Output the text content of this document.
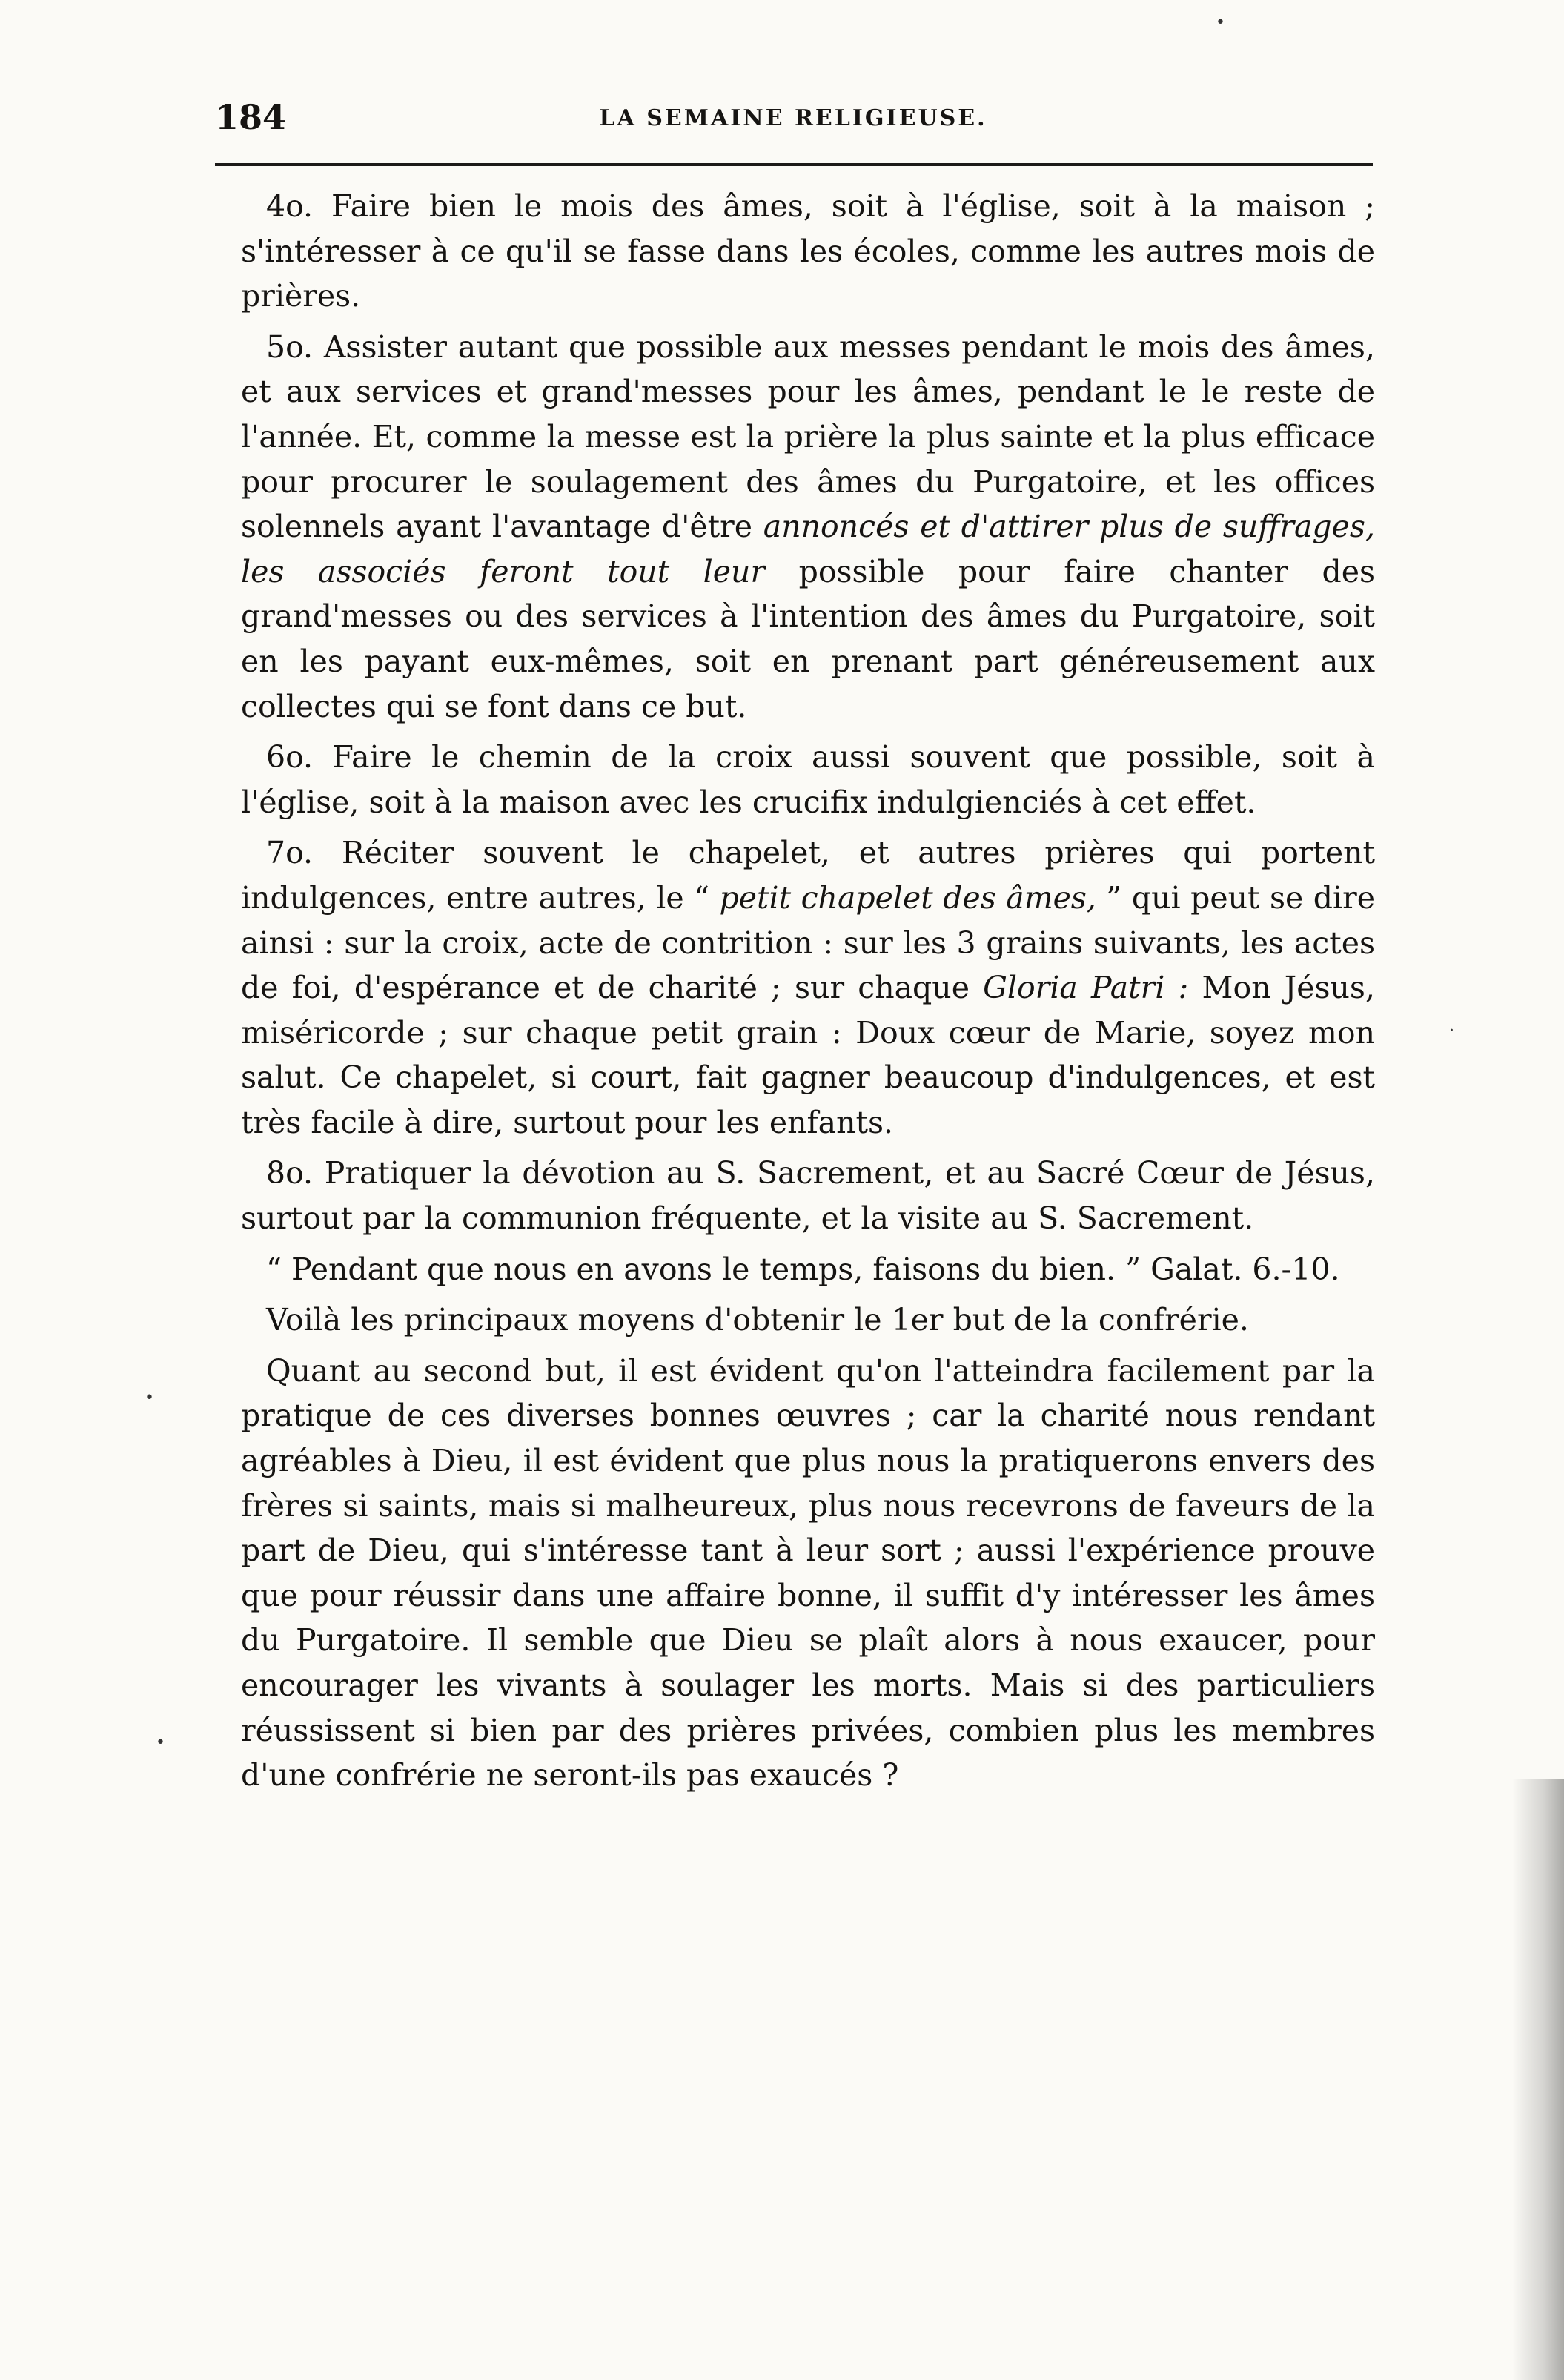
184	LA SEMAINE RELIGIEUSE.

4o. Faire bien le mois des âmes, soit à l'église, soit à la maison ; s'intéresser à ce qu'il se fasse dans les écoles, comme les autres mois de prières.

5o. Assister autant que possible aux messes pendant le mois des âmes, et aux services et grand'messes pour les âmes, pendant le le reste de l'année. Et, comme la messe est la prière la plus sainte et la plus efficace pour procurer le soulagement des âmes du Purgatoire, et les offices solennels ayant l'avantage d'être annoncés et d'attirer plus de suffrages, les associés feront tout leur possible pour faire chanter des grand'messes ou des services à l'intention des âmes du Purgatoire, soit en les payant eux-mêmes, soit en prenant part généreusement aux collectes qui se font dans ce but.

6o. Faire le chemin de la croix aussi souvent que possible, soit à l'église, soit à la maison avec les crucifix indulgienciés à cet effet.

7o. Réciter souvent le chapelet, et autres prières qui portent indulgences, entre autres, le “ petit chapelet des âmes, ” qui peut se dire ainsi : sur la croix, acte de contrition : sur les 3 grains suivants, les actes de foi, d'espérance et de charité ; sur chaque Gloria Patri : Mon Jésus, miséricorde ; sur chaque petit grain : Doux cœur de Marie, soyez mon salut. Ce chapelet, si court, fait gagner beaucoup d'indulgences, et est très facile à dire, surtout pour les enfants.

8o. Pratiquer la dévotion au S. Sacrement, et au Sacré Cœur de Jésus, surtout par la communion fréquente, et la visite au S. Sacrement.

“ Pendant que nous en avons le temps, faisons du bien. ” Galat. 6.-10.

Voilà les principaux moyens d'obtenir le 1er but de la confrérie.

Quant au second but, il est évident qu'on l'atteindra facilement par la pratique de ces diverses bonnes œuvres ; car la charité nous rendant agréables à Dieu, il est évident que plus nous la pratiquerons envers des frères si saints, mais si malheureux, plus nous recevrons de faveurs de la part de Dieu, qui s'intéresse tant à leur sort ; aussi l'expérience prouve que pour réussir dans une affaire bonne, il suffit d'y intéresser les âmes du Purgatoire. Il semble que Dieu se plaît alors à nous exaucer, pour encourager les vivants à soulager les morts. Mais si des particuliers réussissent si bien par des prières privées, combien plus les membres d'une confrérie ne seront-ils pas exaucés ?

•
•
·
•
